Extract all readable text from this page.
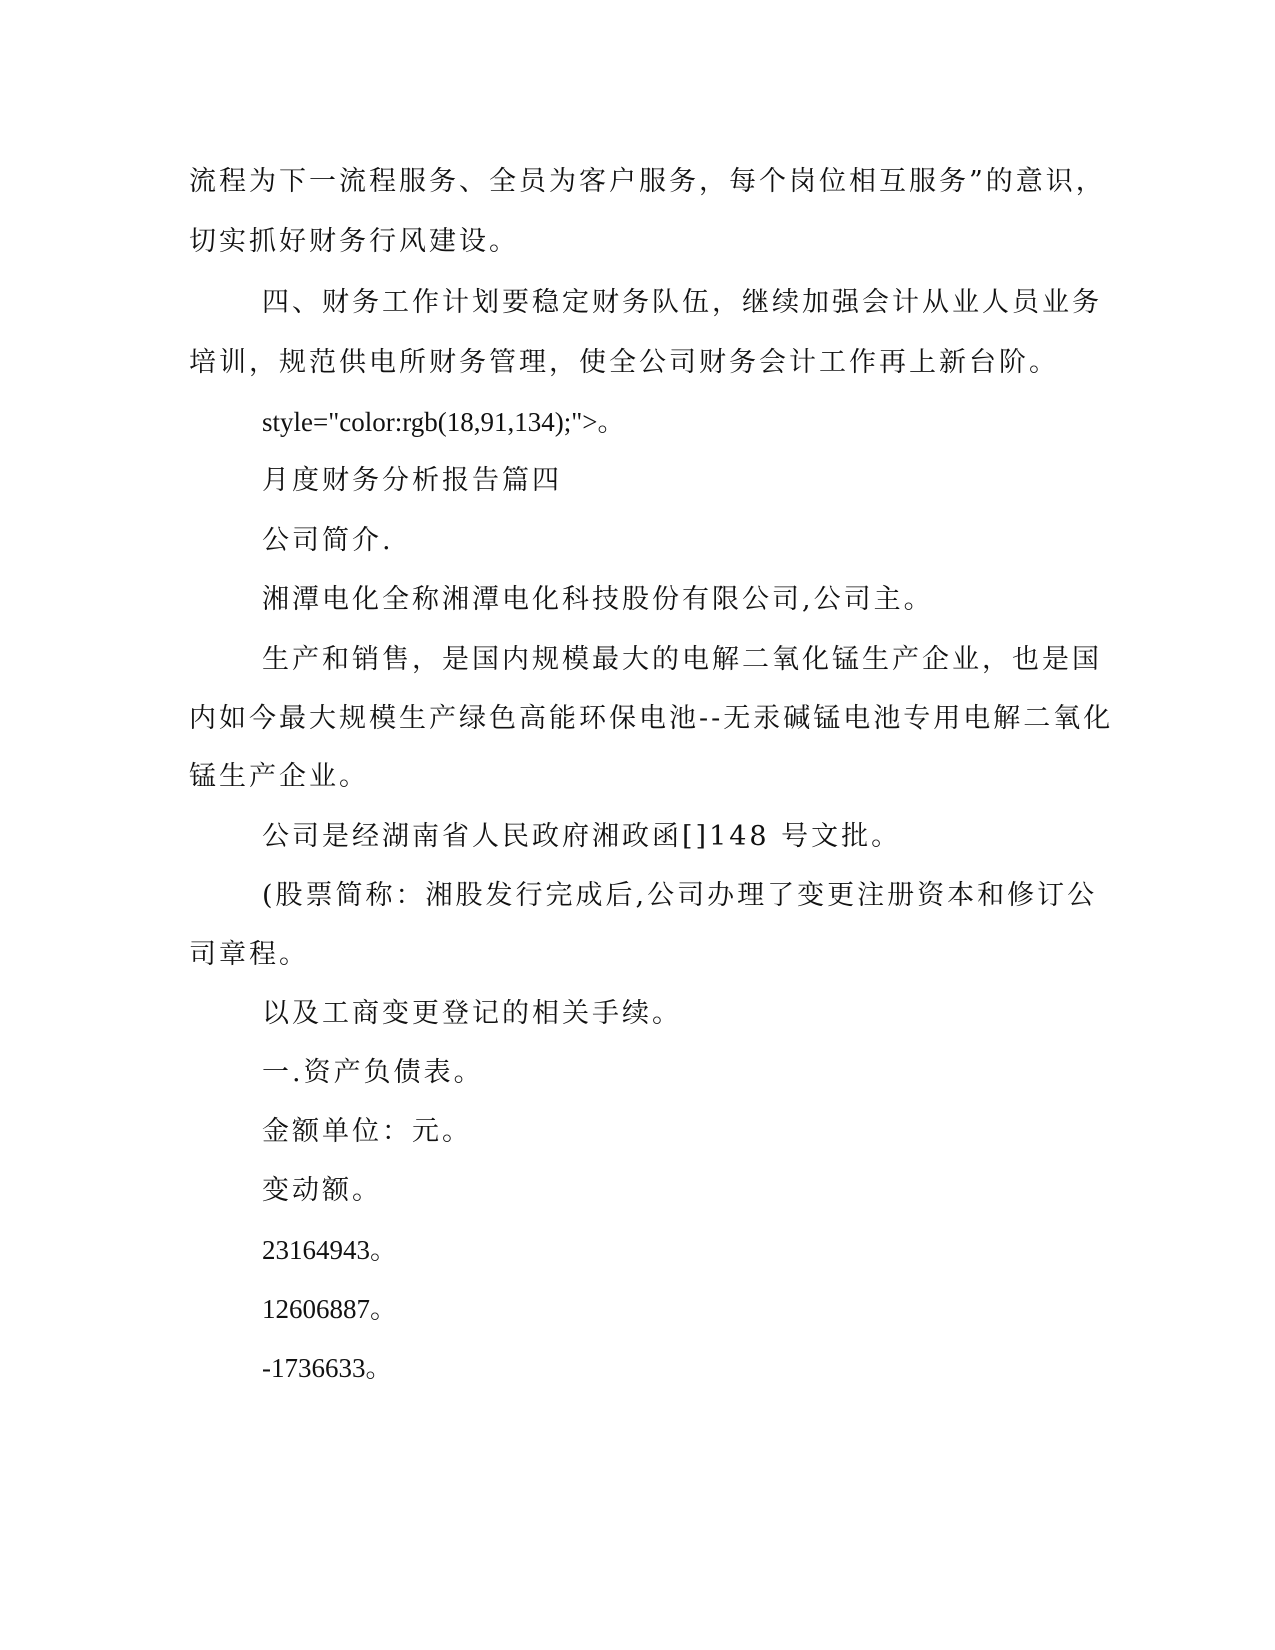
流程为下一流程服务、全员为客户服务，每个岗位相互服务”的意识，
切实抓好财务行风建设。
四、财务工作计划要稳定财务队伍，继续加强会计从业人员业务
培训，规范供电所财务管理，使全公司财务会计工作再上新台阶。
style="color:rgb(18,91,134);">。
月度财务分析报告篇四
公司简介.
湘潭电化全称湘潭电化科技股份有限公司,公司主。
生产和销售，是国内规模最大的电解二氧化锰生产企业，也是国
内如今最大规模生产绿色高能环保电池--无汞碱锰电池专用电解二氧化
锰生产企业。
公司是经湖南省人民政府湘政函[]148 号文批。
(股票简称：湘股发行完成后,公司办理了变更注册资本和修订公
司章程。
以及工商变更登记的相关手续。
一.资产负债表。
金额单位：元。
变动额。
23164943。
12606887。
-1736633。
